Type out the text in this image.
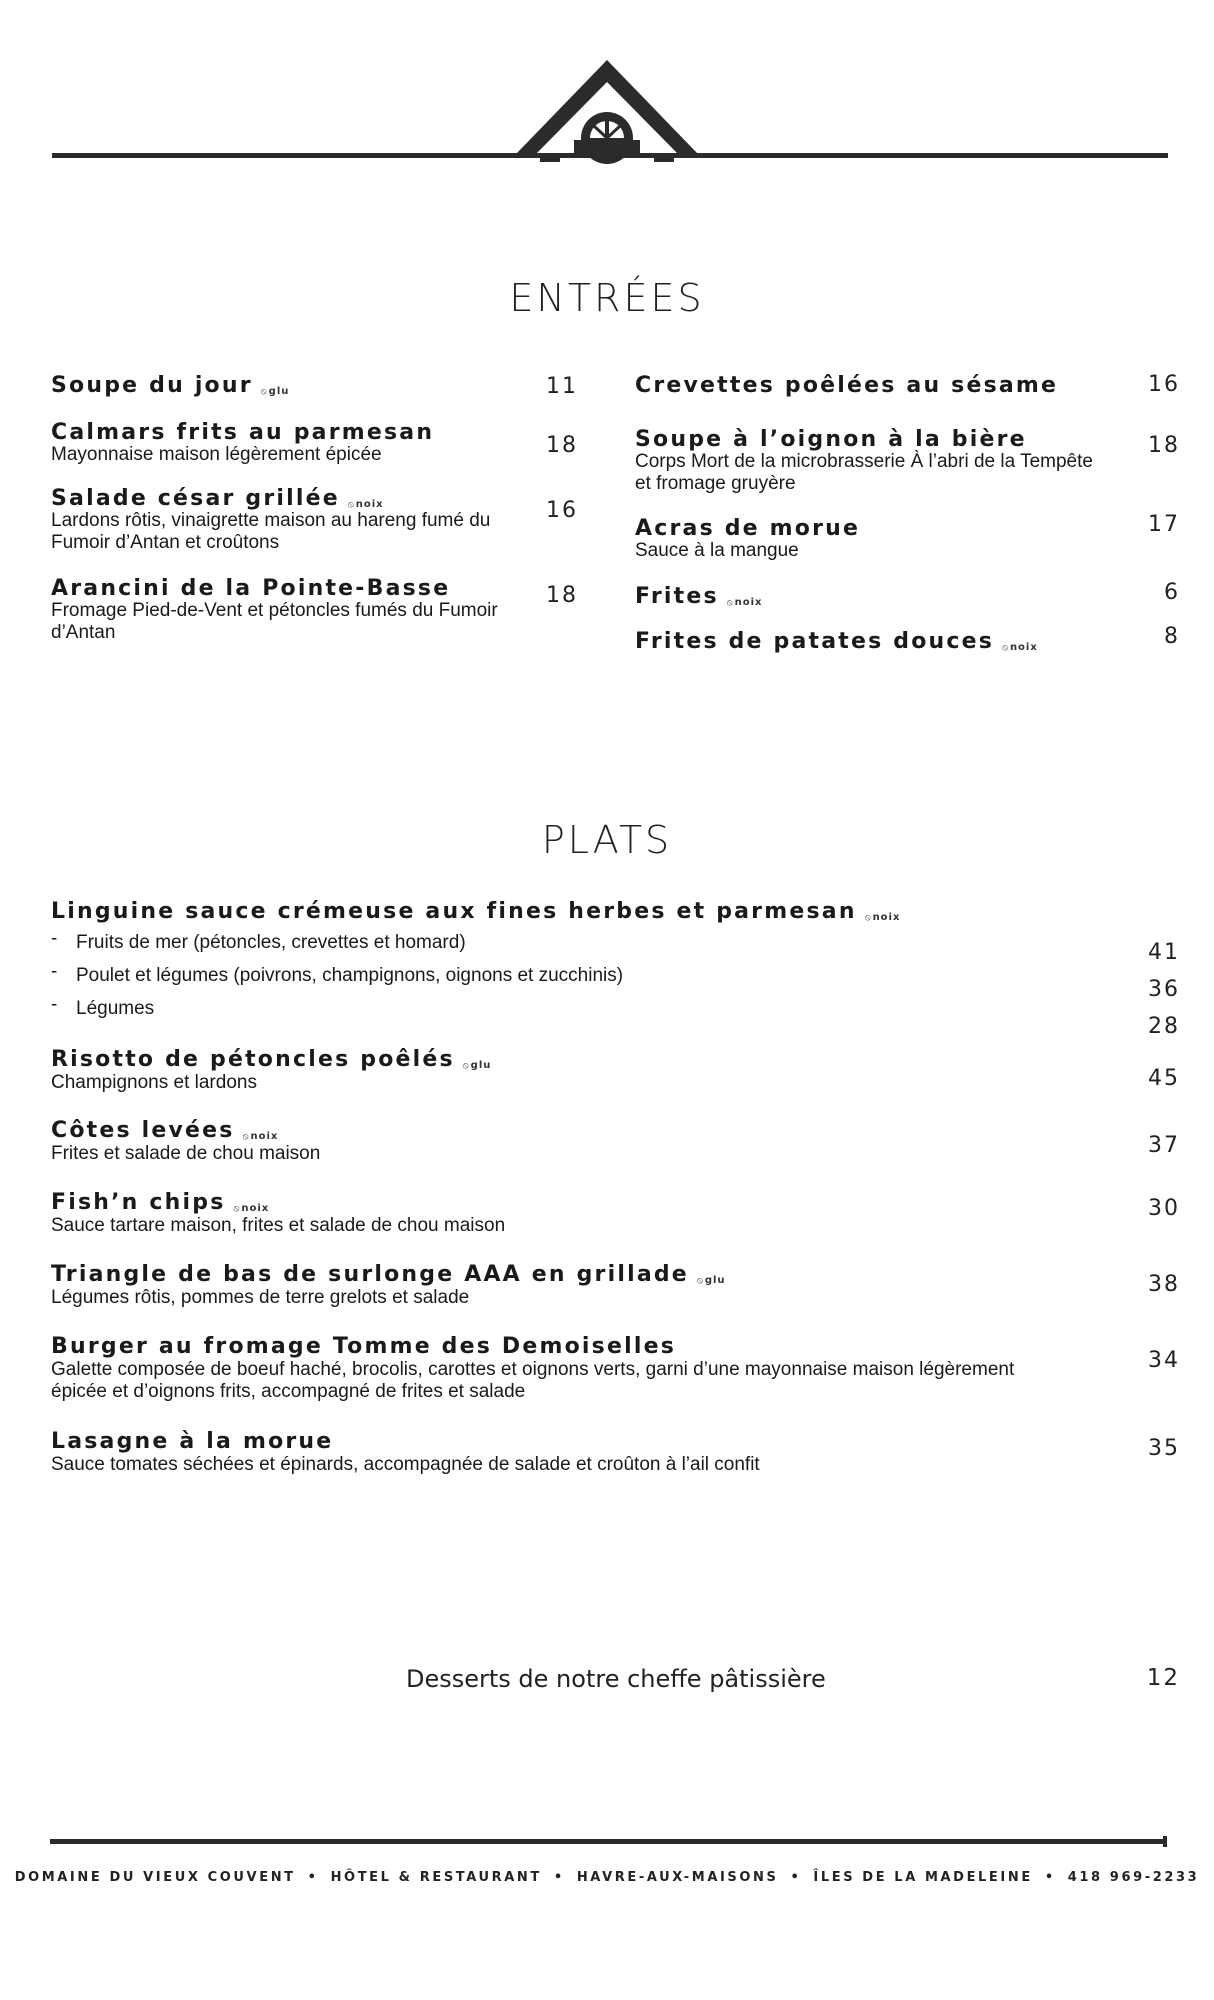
ENTRÉES
Soupe du jour ⦸glu	11
Calmars frits au parmesan
Mayonnaise maison légèrement épicée	18
Salade césar grillée ⦸noix
Lardons rôtis, vinaigrette maison au hareng fumé du Fumoir d’Antan et croûtons
16
Arancini de la Pointe-Basse
Fromage Pied-de-Vent et pétoncles fumés du Fumoir d’Antan
18
Crevettes poêlées au sésame	16
Soupe à l’oignon à la bière
Corps Mort de la microbrasserie À l’abri de la Tempête et fromage gruyère
18
Acras de morue
Sauce à la mangue
17
Frites ⦸noix	6
Frites de patates douces ⦸noix	8
PLATS
Linguine sauce crémeuse aux fines herbes et parmesan ⦸noix
- Fruits de mer (pétoncles, crevettes et homard)	41
- Poulet et légumes (poivrons, champignons, oignons et zucchinis)
36
- Légumes
28
Risotto de pétoncles poêlés ⦸glu
Champignons et lardons	45
Côtes levées ⦸noix
Frites et salade de chou maison	37
Fish’n chips ⦸noix
Sauce tartare maison, frites et salade de chou maison
30
Triangle de bas de surlonge AAA en grillade ⦸glu
Légumes rôtis, pommes de terre grelots et salade
38
Burger au fromage Tomme des Demoiselles
Galette composée de boeuf haché, brocolis, carottes et oignons verts, garni d’une mayonnaise maison légèrement épicée et d’oignons frits, accompagné de frites et salade
34
Lasagne à la morue
Sauce tomates séchées et épinards, accompagnée de salade et croûton à l’ail confit
35
Desserts de notre cheffe pâtissière	12
DOMAINE DU VIEUX COUVENT • HÔTEL & RESTAURANT • HAVRE-AUX-MAISONS • ÎLES DE LA MADELEINE • 418 969-2233
